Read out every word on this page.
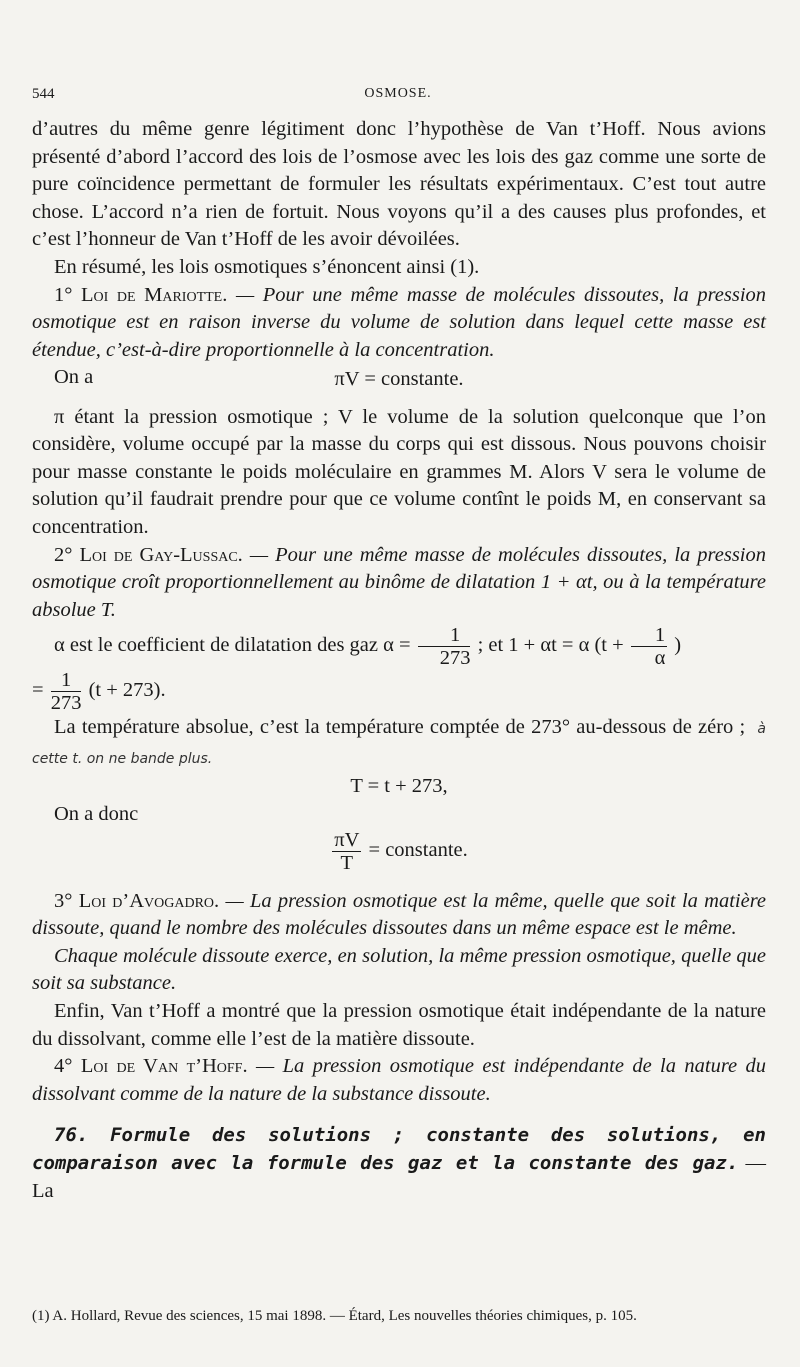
544	OSMOSE.

d’autres du même genre légitiment donc l’hypothèse de Van t’Hoff. Nous avions présenté d’abord l’accord des lois de l’osmose avec les lois des gaz comme une sorte de pure coïncidence permettant de formuler les résultats expérimentaux. C’est tout autre chose. L’accord n’a rien de fortuit. Nous voyons qu’il a des causes plus profondes, et c’est l’honneur de Van t’Hoff de les avoir dévoilées.

En résumé, les lois osmotiques s’énoncent ainsi (1).

1° Loi de Mariotte. — Pour une même masse de molécules dissoutes, la pression osmotique est en raison inverse du volume de solution dans lequel cette masse est étendue, c’est-à-dire proportionnelle à la concentration.

On a	πV = constante.

π étant la pression osmotique ; V le volume de la solution quelconque que l’on considère, volume occupé par la masse du corps qui est dissous. Nous pouvons choisir pour masse constante le poids moléculaire en grammes M. Alors V sera le volume de solution qu’il faudrait prendre pour que ce volume contînt le poids M, en conservant sa concentration.

2° Loi de Gay-Lussac. — Pour une même masse de molécules dissoutes, la pression osmotique croît proportionnellement au binôme de dilatation 1 + αt, ou à la température absolue T.

α est le coefficient de dilatation des gaz $\alpha = \frac{1}{273}$ ; et 1 + αt = α ($t + \frac{1}{\alpha}$ )

= $\frac{1}{273} (t + 273)$.

La température absolue, c’est la température comptée de 273° au-dessous de zéro ; à cette t. on ne bande plus.

T = t + 273,

On a donc

$\frac{\pi V}{T}$ = constante.

3° Loi d’Avogadro. — La pression osmotique est la même, quelle que soit la matière dissoute, quand le nombre des molécules dissoutes dans un même espace est le même.

Chaque molécule dissoute exerce, en solution, la même pression osmotique, quelle que soit sa substance.

Enfin, Van t’Hoff a montré que la pression osmotique était indépendante de la nature du dissolvant, comme elle l’est de la matière dissoute.

4° Loi de Van t’Hoff. — La pression osmotique est indépendante de la nature du dissolvant comme de la nature de la substance dissoute.

76. Formule des solutions ; constante des solutions, en comparaison avec la formule des gaz et la constante des gaz. — La

(1) A. Hollard, Revue des sciences, 15 mai 1898. — Étard, Les nouvelles théories chimiques, p. 105.
